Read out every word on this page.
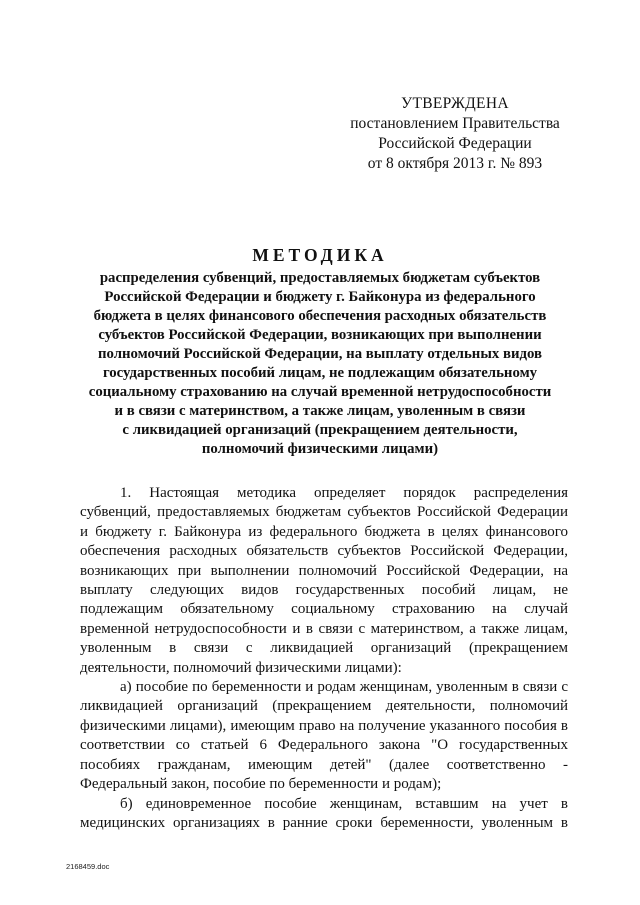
УТВЕРЖДЕНА
постановлением Правительства
Российской Федерации
от 8 октября 2013 г. № 893
МЕТОДИКА
распределения субвенций, предоставляемых бюджетам субъектов
Российской Федерации и бюджету г. Байконура из федерального
бюджета в целях финансового обеспечения расходных обязательств
субъектов Российской Федерации, возникающих при выполнении
полномочий Российской Федерации, на выплату отдельных видов
государственных пособий лицам, не подлежащим обязательному
социальному страхованию на случай временной нетрудоспособности
и в связи с материнством, а также лицам, уволенным в связи
с ликвидацией организаций (прекращением деятельности,
полномочий физическими лицами)
1. Настоящая методика определяет порядок распределения
субвенций, предоставляемых бюджетам субъектов Российской Федерации
и бюджету г. Байконура из федерального бюджета в целях финансового
обеспечения расходных обязательств субъектов Российской Федерации,
возникающих при выполнении полномочий Российской Федерации, на
выплату следующих видов государственных пособий лицам, не
подлежащим обязательному социальному страхованию на случай
временной нетрудоспособности и в связи с материнством, а также лицам,
уволенным в связи с ликвидацией организаций (прекращением
деятельности, полномочий физическими лицами):
а) пособие по беременности и родам женщинам, уволенным в связи с
ликвидацией организаций (прекращением деятельности, полномочий
физическими лицами), имеющим право на получение указанного пособия в
соответствии со статьей 6 Федерального закона "О государственных
пособиях гражданам, имеющим детей" (далее соответственно -
Федеральный закон, пособие по беременности и родам);
б) единовременное пособие женщинам, вставшим на учет в
медицинских организациях в ранние сроки беременности, уволенным в
2168459.doc
